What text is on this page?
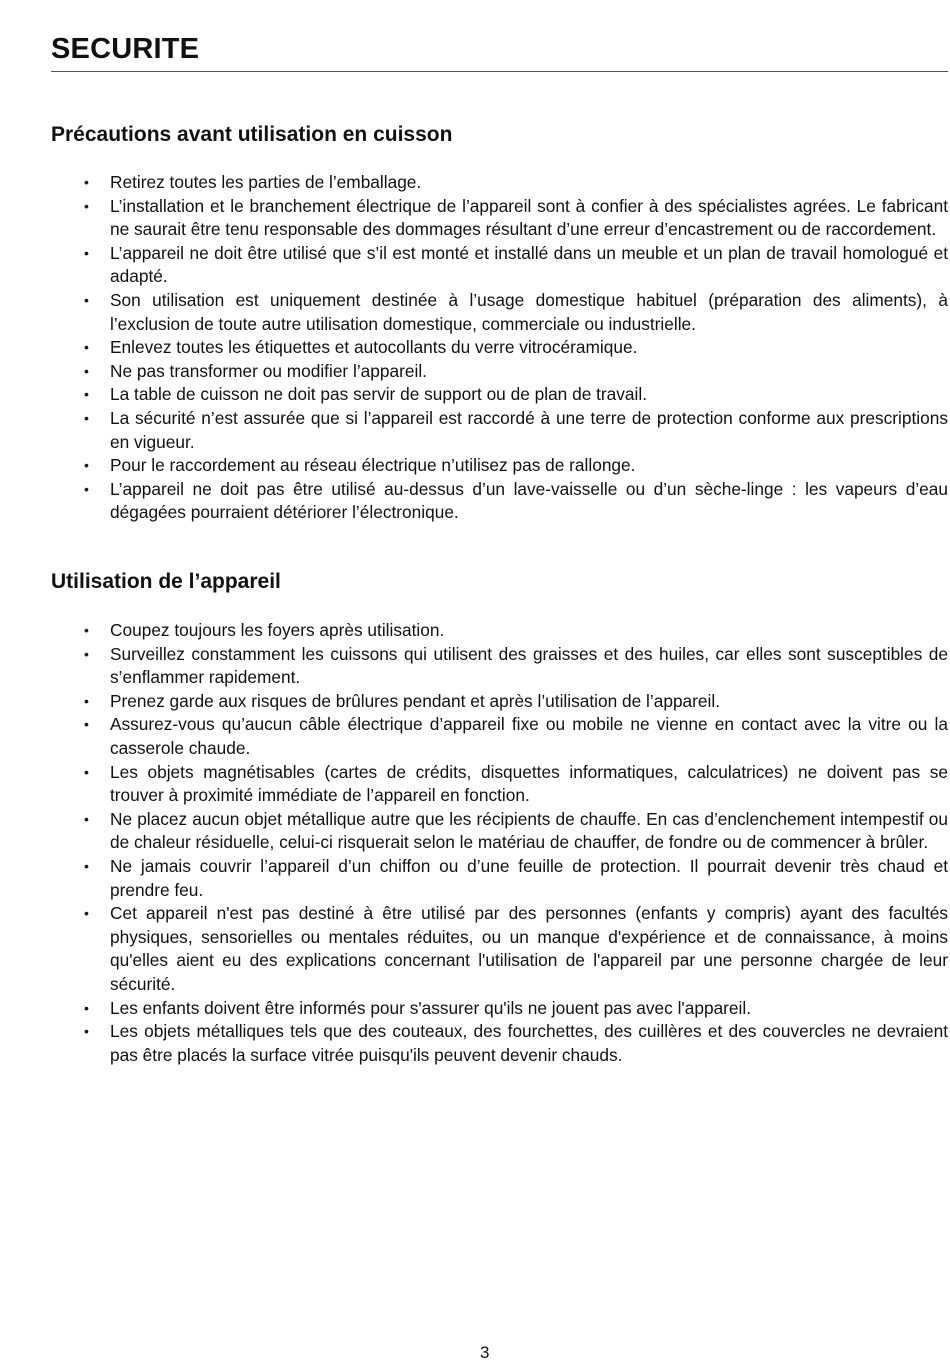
SECURITE
Précautions avant utilisation en cuisson
• Retirez toutes les parties de l’emballage.
• L’installation et le branchement électrique de l’appareil sont à confier à des spécialistes agrées. Le fabricant ne saurait être tenu responsable des dommages résultant d’une erreur d’encastrement ou de raccordement.
• L’appareil ne doit être utilisé que s’il est monté et installé dans un meuble et un plan de travail homologué et adapté.
• Son utilisation est uniquement destinée à l’usage domestique habituel (préparation des aliments), à l’exclusion de toute autre utilisation domestique, commerciale ou industrielle.
• Enlevez toutes les étiquettes et autocollants du verre vitrocéramique.
• Ne pas transformer ou modifier l’appareil.
• La table de cuisson ne doit pas servir de support ou de plan de travail.
• La sécurité n’est assurée que si l’appareil est raccordé à une terre de protection conforme aux prescriptions en vigueur.
• Pour le raccordement au réseau électrique n’utilisez pas de rallonge.
• L’appareil ne doit pas être utilisé au-dessus d’un lave-vaisselle ou d’un sèche-linge : les vapeurs d’eau dégagées pourraient détériorer l’électronique.
Utilisation de l’appareil
• Coupez toujours les foyers après utilisation.
• Surveillez constamment les cuissons qui utilisent des graisses et des huiles, car elles sont susceptibles de s’enflammer rapidement.
• Prenez garde aux risques de brûlures pendant et après l’utilisation de l’appareil.
• Assurez-vous qu’aucun câble électrique d’appareil fixe ou mobile ne vienne en contact avec la vitre ou la casserole chaude.
• Les objets magnétisables (cartes de crédits, disquettes informatiques, calculatrices) ne doivent pas se trouver à proximité immédiate de l’appareil en fonction.
• Ne placez aucun objet métallique autre que les récipients de chauffe. En cas d’enclenchement intempestif ou de chaleur résiduelle, celui-ci risquerait selon le matériau de chauffer, de fondre ou de commencer à brûler.
• Ne jamais couvrir l’appareil d’un chiffon ou d’une feuille de protection. Il pourrait devenir très chaud et prendre feu.
• Cet appareil n'est pas destiné à être utilisé par des personnes (enfants y compris) ayant des facultés physiques, sensorielles ou mentales réduites, ou un manque d'expérience et de connaissance, à moins qu'elles aient eu des explications concernant l'utilisation de l'appareil par une personne chargée de leur sécurité.
• Les enfants doivent être informés pour s'assurer qu'ils ne jouent pas avec l'appareil.
• Les objets métalliques tels que des couteaux, des fourchettes, des cuillères et des couvercles ne devraient pas être placés la surface vitrée puisqu'ils peuvent devenir chauds.
3
